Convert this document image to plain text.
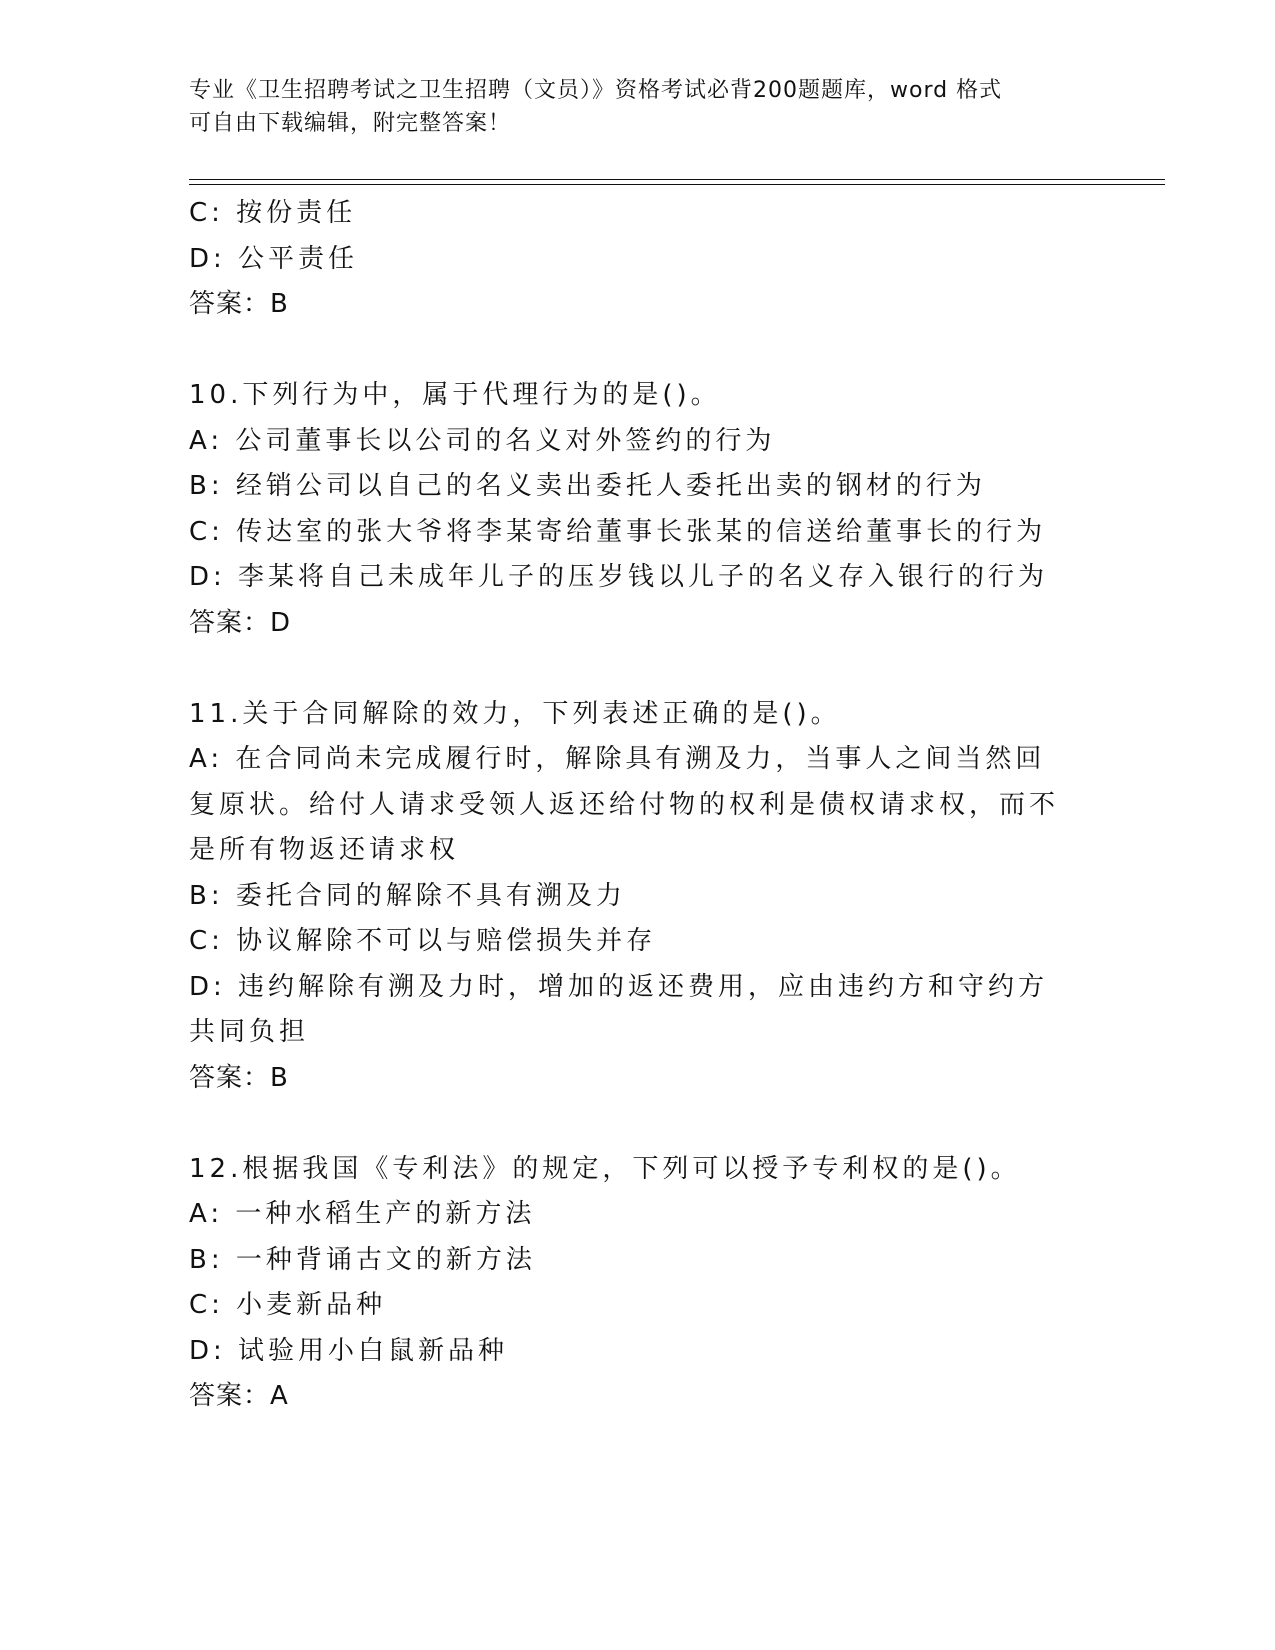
专业《卫生招聘考试之卫生招聘（文员）》资格考试必背200题题库，word 格式
可自由下载编辑，附完整答案！
C: 按份责任
D: 公平责任
答案：B
10.下列行为中，属于代理行为的是()。
A: 公司董事长以公司的名义对外签约的行为
B: 经销公司以自己的名义卖出委托人委托出卖的钢材的行为
C: 传达室的张大爷将李某寄给董事长张某的信送给董事长的行为
D: 李某将自己未成年儿子的压岁钱以儿子的名义存入银行的行为
答案：D
11.关于合同解除的效力，下列表述正确的是()。
A: 在合同尚未完成履行时，解除具有溯及力，当事人之间当然回复原状。给付人请求受领人返还给付物的权利是债权请求权，而不是所有物返还请求权
B: 委托合同的解除不具有溯及力
C: 协议解除不可以与赔偿损失并存
D: 违约解除有溯及力时，增加的返还费用，应由违约方和守约方共同负担
答案：B
12.根据我国《专利法》的规定，下列可以授予专利权的是()。
A: 一种水稻生产的新方法
B: 一种背诵古文的新方法
C: 小麦新品种
D: 试验用小白鼠新品种
答案：A
